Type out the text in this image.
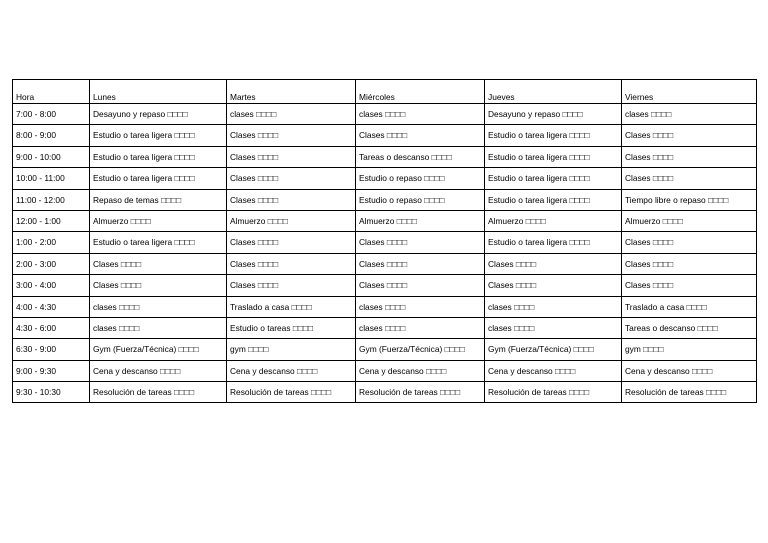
Hora	Lunes	Martes	Miércoles	Jueves	Viernes
7:00 - 8:00	Desayuno y repaso □□□□	clases □□□□	clases □□□□	Desayuno y repaso □□□□	clases □□□□
8:00 - 9:00	Estudio o tarea ligera □□□□	Clases □□□□	Clases □□□□	Estudio o tarea ligera □□□□	Clases □□□□
9:00 - 10:00	Estudio o tarea ligera □□□□	Clases □□□□	Tareas o descanso □□□□	Estudio o tarea ligera □□□□	Clases □□□□
10:00 - 11:00	Estudio o tarea ligera □□□□	Clases □□□□	Estudio o repaso □□□□	Estudio o tarea ligera □□□□	Clases □□□□
11:00 - 12:00	Repaso de temas □□□□	Clases □□□□	Estudio o repaso □□□□	Estudio o tarea ligera □□□□	Tiempo libre o repaso □□□□
12:00 - 1:00	Almuerzo □□□□	Almuerzo □□□□	Almuerzo □□□□	Almuerzo □□□□	Almuerzo □□□□
1:00 - 2:00	Estudio o tarea ligera □□□□	Clases □□□□	Clases □□□□	Estudio o tarea ligera □□□□	Clases □□□□
2:00 - 3:00	Clases □□□□	Clases □□□□	Clases □□□□	Clases □□□□	Clases □□□□
3:00 - 4:00	Clases □□□□	Clases □□□□	Clases □□□□	Clases □□□□	Clases □□□□
4:00 - 4:30	clases □□□□	Traslado a casa □□□□	clases □□□□	clases □□□□	Traslado a casa □□□□
4:30 - 6:00	clases □□□□	Estudio o tareas □□□□	clases □□□□	clases □□□□	Tareas o descanso □□□□
6:30 - 9:00	Gym (Fuerza/Técnica) □□□□	gym □□□□	Gym (Fuerza/Técnica) □□□□	Gym (Fuerza/Técnica) □□□□	gym □□□□
9:00 - 9:30	Cena y descanso □□□□	Cena y descanso □□□□	Cena y descanso □□□□	Cena y descanso □□□□	Cena y descanso □□□□
9:30 - 10:30	Resolución de tareas □□□□	Resolución de tareas □□□□	Resolución de tareas □□□□	Resolución de tareas □□□□	Resolución de tareas □□□□
